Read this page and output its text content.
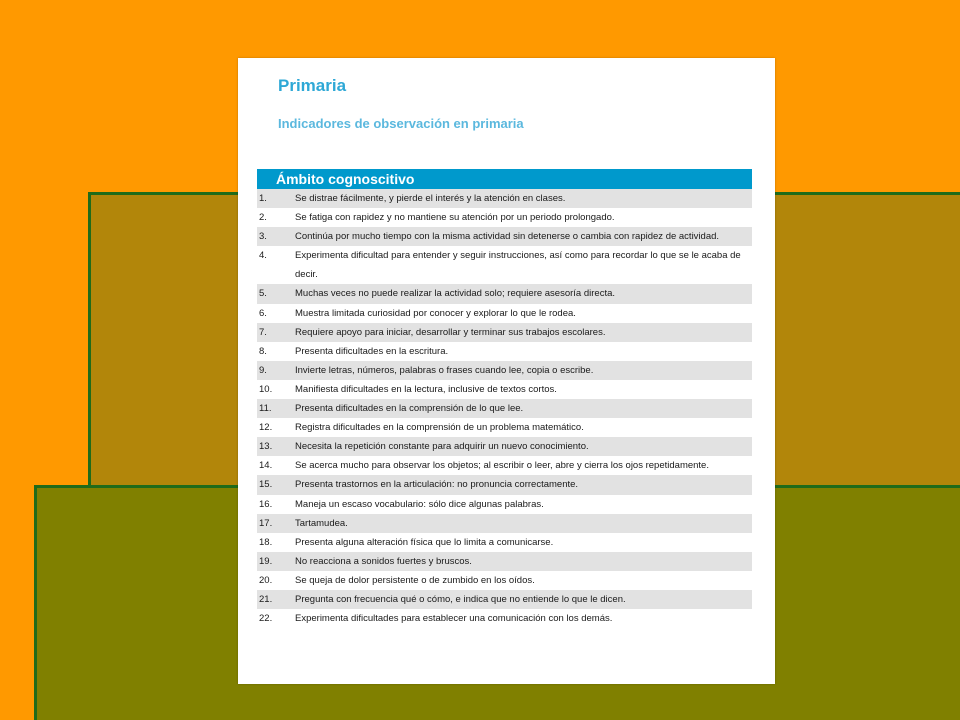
Primaria
Indicadores de observación en primaria
Ámbito cognoscitivo
1.	Se distrae fácilmente, y pierde el interés y la atención en clases.
2.	Se fatiga con rapidez y no mantiene su atención por un periodo prolongado.
3.	Continúa por mucho tiempo con la misma actividad sin detenerse o cambia con rapidez de actividad.
4.	Experimenta dificultad para entender y seguir instrucciones, así como para recordar lo que se le acaba de decir.
5.	Muchas veces no puede realizar la actividad solo; requiere asesoría directa.
6.	Muestra limitada curiosidad por conocer y explorar lo que le rodea.
7.	Requiere apoyo para iniciar, desarrollar y terminar sus trabajos escolares.
8.	Presenta dificultades en la escritura.
9.	Invierte letras, números, palabras o frases cuando lee, copia o escribe.
10.	Manifiesta dificultades en la lectura, inclusive de textos cortos.
11.	Presenta dificultades en la comprensión de lo que lee.
12.	Registra dificultades en la comprensión de un problema matemático.
13.	Necesita la repetición constante para adquirir un nuevo conocimiento.
14.	Se acerca mucho para observar los objetos; al escribir o leer, abre y cierra los ojos repetidamente.
15.	Presenta trastornos en la articulación: no pronuncia correctamente.
16.	Maneja un escaso vocabulario: sólo dice algunas palabras.
17.	Tartamudea.
18.	Presenta alguna alteración física que lo limita a comunicarse.
19.	No reacciona a sonidos fuertes y bruscos.
20.	Se queja de dolor persistente o de zumbido en los oídos.
21.	Pregunta con frecuencia qué o cómo, e indica que no entiende lo que le dicen.
22.	Experimenta dificultades para establecer una comunicación con los demás.
